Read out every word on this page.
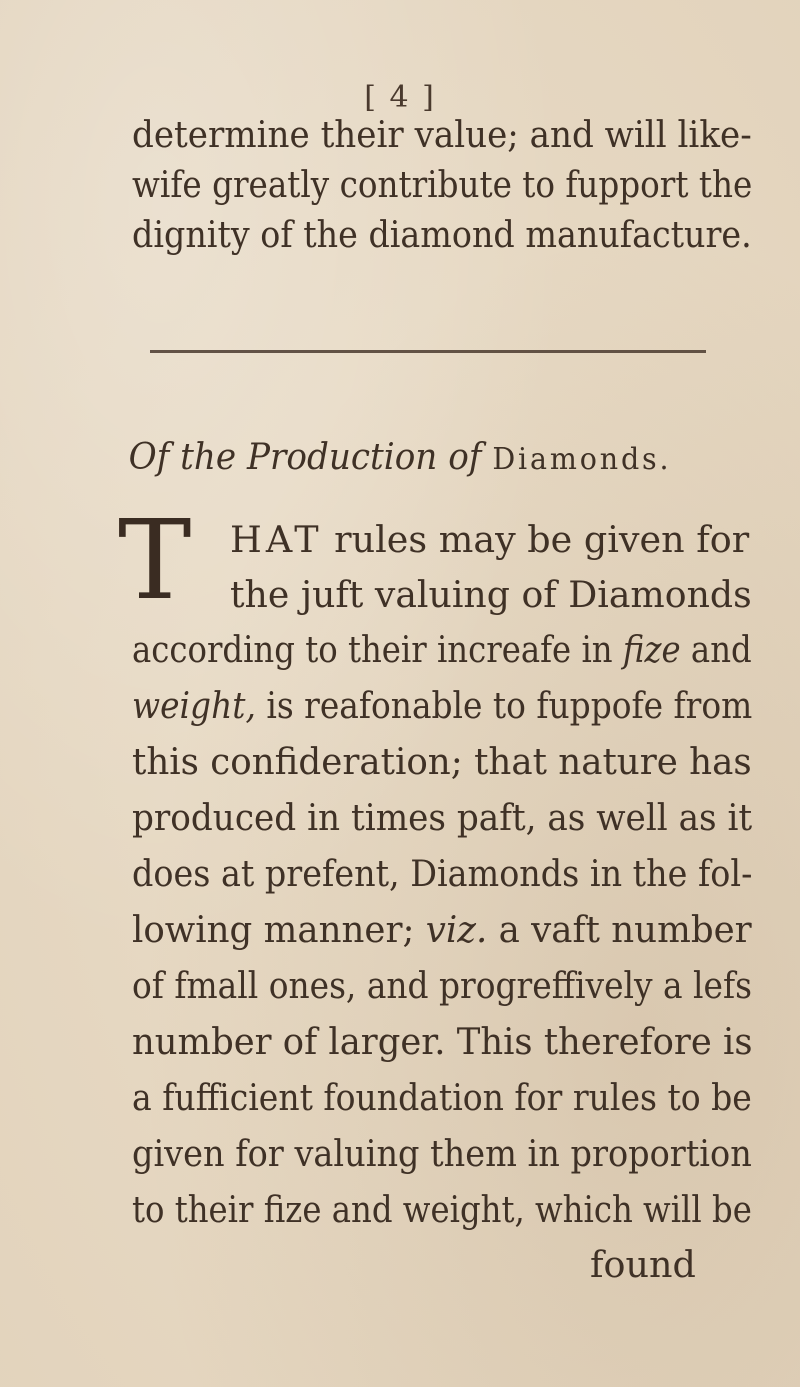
[ 4 ]
determine their value; and will like-
wife greatly contribute to fupport the
dignity of the diamond manufacture.
Of the Production of Diamonds.
T HAT rules may be given for
the juft valuing of Diamonds
according to their increafe in fize and
weight, is reafonable to fuppofe from
this confideration; that nature has
produced in times paft, as well as it
does at prefent, Diamonds in the fol-
lowing manner; viz. a vaft number
of fmall ones, and progreffively a lefs
number of larger. This therefore is
a fufficient foundation for rules to be
given for valuing them in proportion
to their fize and weight, which will be
found
